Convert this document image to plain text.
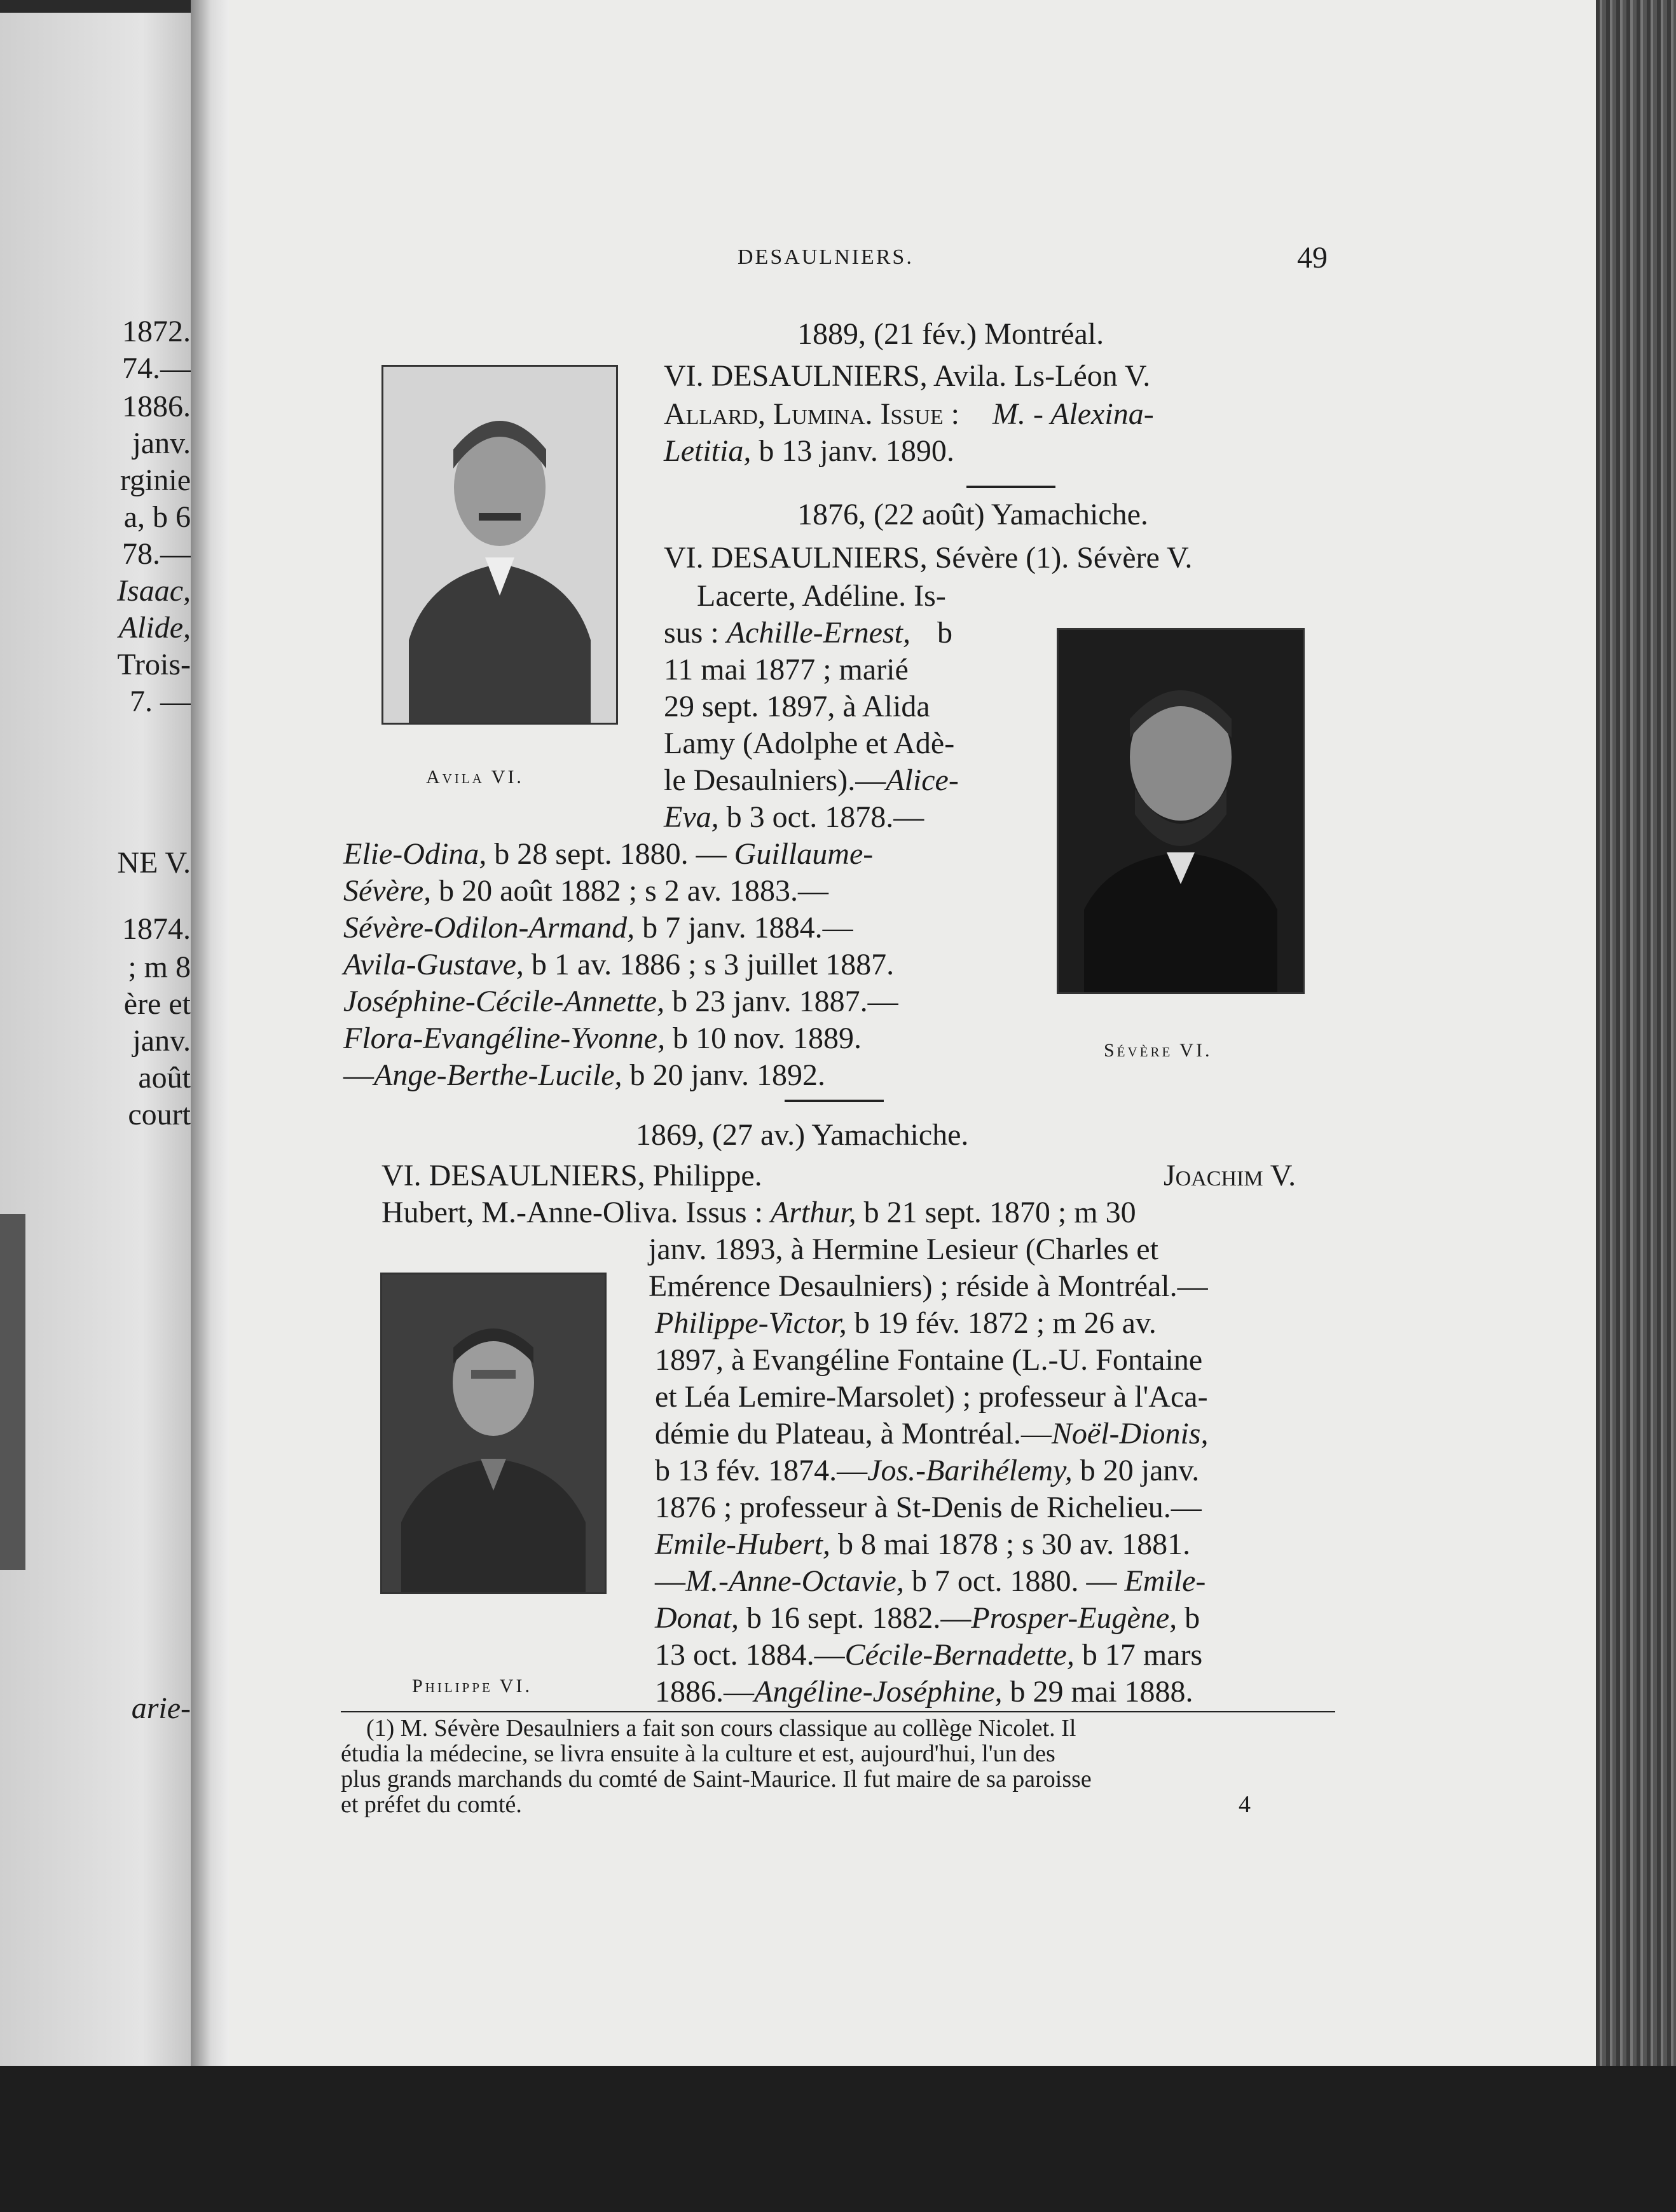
1872.
74.—
1886.
janv.
rginie
a, b 6
78.—
Isaac,
Alide,
Trois-
7. —
NE V.
1874.
; m 8
ère et
janv.
août
court
arie-
DESAULNIERS.	49
Avila VI.
1889, (21 fév.) Montréal.
VI. DESAULNIERS, Avila. Ls-Léon V.
Allard, Lumina. Issue : M. - Alexina-
Letitia, b 13 janv. 1890.
1876, (22 août) Yamachiche.
VI. DESAULNIERS, Sévère (1). Sévère V.
Lacerte, Adéline. Is-
sus : Achille-Ernest, b
11 mai 1877 ; marié
29 sept. 1897, à Alida
Lamy (Adolphe et Adè-
le Desaulniers).—Alice-
Eva, b 3 oct. 1878.—
Elie-Odina, b 28 sept. 1880. — Guillaume-
Sévère, b 20 août 1882 ; s 2 av. 1883.—
Sévère-Odilon-Armand, b 7 janv. 1884.—
Avila-Gustave, b 1 av. 1886 ; s 3 juillet 1887.
Joséphine-Cécile-Annette, b 23 janv. 1887.—
Flora-Evangéline-Yvonne, b 10 nov. 1889.
—Ange-Berthe-Lucile, b 20 janv. 1892.
Sévère VI.
1869, (27 av.) Yamachiche.
VI. DESAULNIERS, Philippe.	Joachim V.
Hubert, M.-Anne-Oliva. Issus : Arthur, b 21 sept. 1870 ; m 30
janv. 1893, à Hermine Lesieur (Charles et
Emérence Desaulniers) ; réside à Montréal.—
Philippe-Victor, b 19 fév. 1872 ; m 26 av.
1897, à Evangéline Fontaine (L.-U. Fontaine
et Léa Lemire-Marsolet) ; professeur à l'Aca-
démie du Plateau, à Montréal.—Noël-Dionis,
b 13 fév. 1874.—Jos.-Barihélemy, b 20 janv.
1876 ; professeur à St-Denis de Richelieu.—
Emile-Hubert, b 8 mai 1878 ; s 30 av. 1881.
—M.-Anne-Octavie, b 7 oct. 1880. — Emile-
Donat, b 16 sept. 1882.—Prosper-Eugène, b
13 oct. 1884.—Cécile-Bernadette, b 17 mars
1886.—Angéline-Joséphine, b 29 mai 1888.
Philippe VI.
(1) M. Sévère Desaulniers a fait son cours classique au collège Nicolet. Il
étudia la médecine, se livra ensuite à la culture et est, aujourd'hui, l'un des
plus grands marchands du comté de Saint-Maurice. Il fut maire de sa paroisse
et préfet du comté.	4
